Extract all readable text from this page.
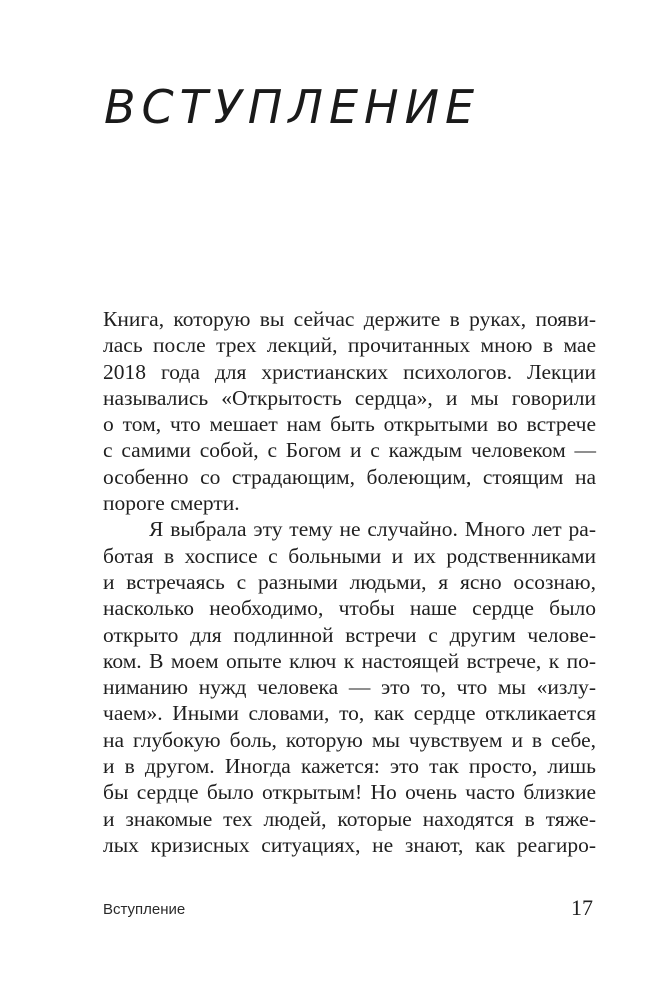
ВСТУПЛЕНИЕ
Книга, которую вы сейчас держите в руках, появи-
лась после трех лекций, прочитанных мною в мае
2018 года для христианских психологов. Лекции
назывались «Открытость сердца», и мы говорили
о том, что мешает нам быть открытыми во встрече
с самими собой, с Богом и с каждым человеком —
особенно со страдающим, болеющим, стоящим на
пороге смерти.
Я выбрала эту тему не случайно. Много лет ра-
ботая в хосписе с больными и их родственниками
и встречаясь с разными людьми, я ясно осознаю,
насколько необходимо, чтобы наше сердце было
открыто для подлинной встречи с другим челове-
ком. В моем опыте ключ к настоящей встрече, к по-
ниманию нужд человека — это то, что мы «излу-
чаем». Иными словами, то, как сердце откликается
на глубокую боль, которую мы чувствуем и в себе,
и в другом. Иногда кажется: это так просто, лишь
бы сердце было открытым! Но очень часто близкие
и знакомые тех людей, которые находятся в тяже-
лых кризисных ситуациях, не знают, как реагиро-
Вступление	17
